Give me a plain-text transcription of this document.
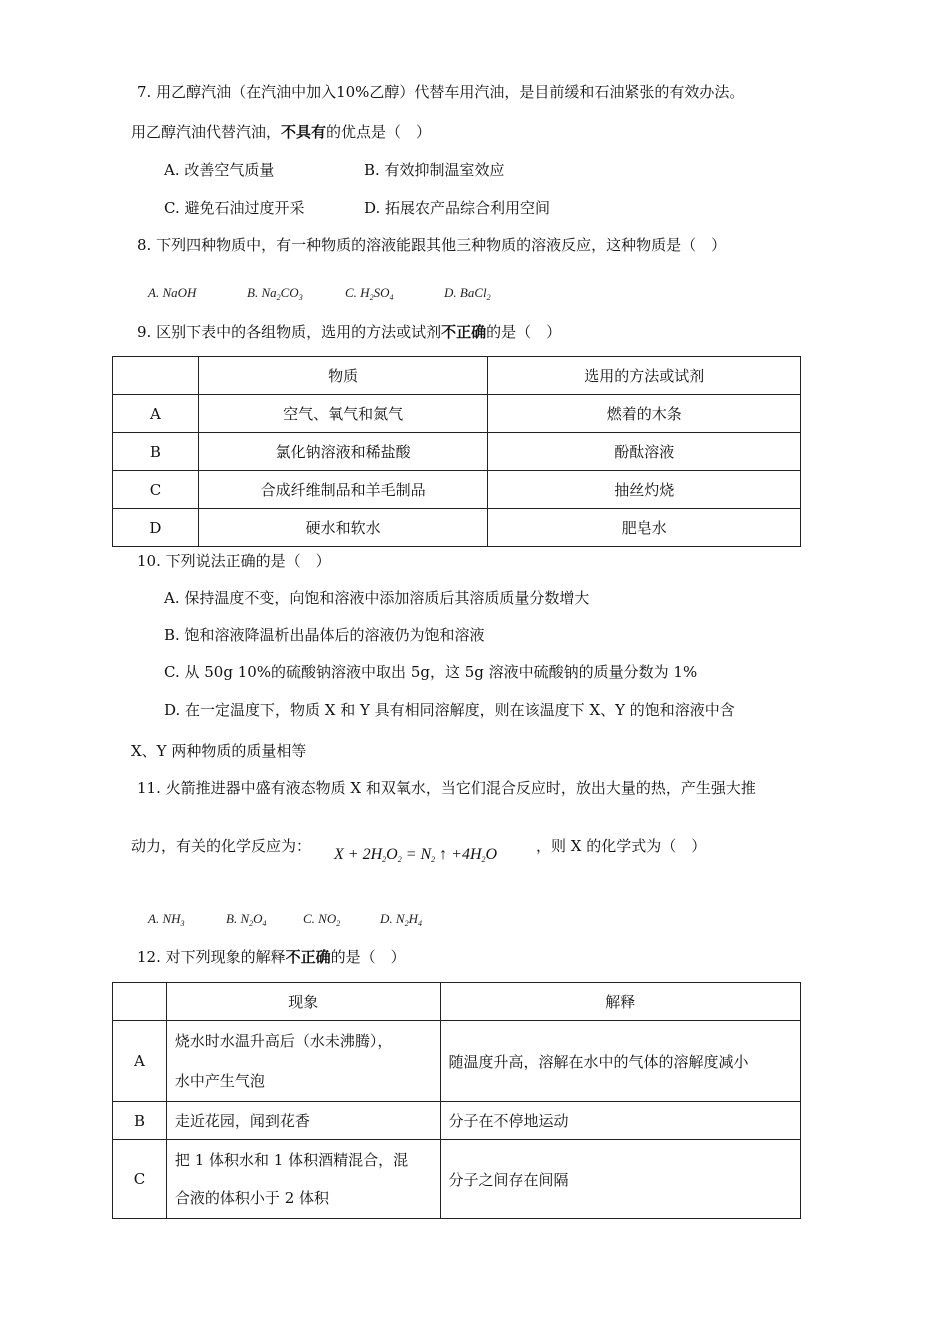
7. 用乙醇汽油（在汽油中加入10%乙醇）代替车用汽油，是目前缓和石油紧张的有效办法。
用乙醇汽油代替汽油，不具有的优点是（　）
A. 改善空气质量	B. 有效抑制温室效应
C. 避免石油过度开采	D. 拓展农产品综合利用空间
8. 下列四种物质中，有一种物质的溶液能跟其他三种物质的溶液反应，这种物质是（　）
A. NaOH	B. $Na_2CO_3$	C. $H_2SO_4$	D. BaCl$_2$
9. 区别下表中的各组物质，选用的方法或试剂不正确的是（　）
	物质	选用的方法或试剂
A	空气、氧气和氮气	燃着的木条
B	氯化钠溶液和稀盐酸	酚酞溶液
C	合成纤维制品和羊毛制品	抽丝灼烧
D	硬水和软水	肥皂水
10. 下列说法正确的是（　）
A. 保持温度不变，向饱和溶液中添加溶质后其溶质质量分数增大
B. 饱和溶液降温析出晶体后的溶液仍为饱和溶液
C. 从 50g 10%的硫酸钠溶液中取出 5g，这 5g 溶液中硫酸钠的质量分数为 1%
D. 在一定温度下，物质 X 和 Y 具有相同溶解度，则在该温度下 X、Y 的饱和溶液中含
X、Y 两种物质的质量相等
11. 火箭推进器中盛有液态物质 X 和双氧水，当它们混合反应时，放出大量的热，产生强大推
动力，有关的化学反应为： $X + 2H_2O_2 = N_2$ ↑ $+4H_2O$	，则 X 的化学式为（　）
A. $NH_3$	B. $N_2O_4$	C. $NO_2$	D. $N_2H_4$
12. 对下列现象的解释不正确的是（　）
	现象	解释
A	烧水时水温升高后（水未沸腾），
水中产生气泡	随温度升高，溶解在水中的气体的溶解度减小
B	走近花园，闻到花香	分子在不停地运动
C	把 1 体积水和 1 体积酒精混合，混
合液的体积小于 2 体积	分子之间存在间隔
